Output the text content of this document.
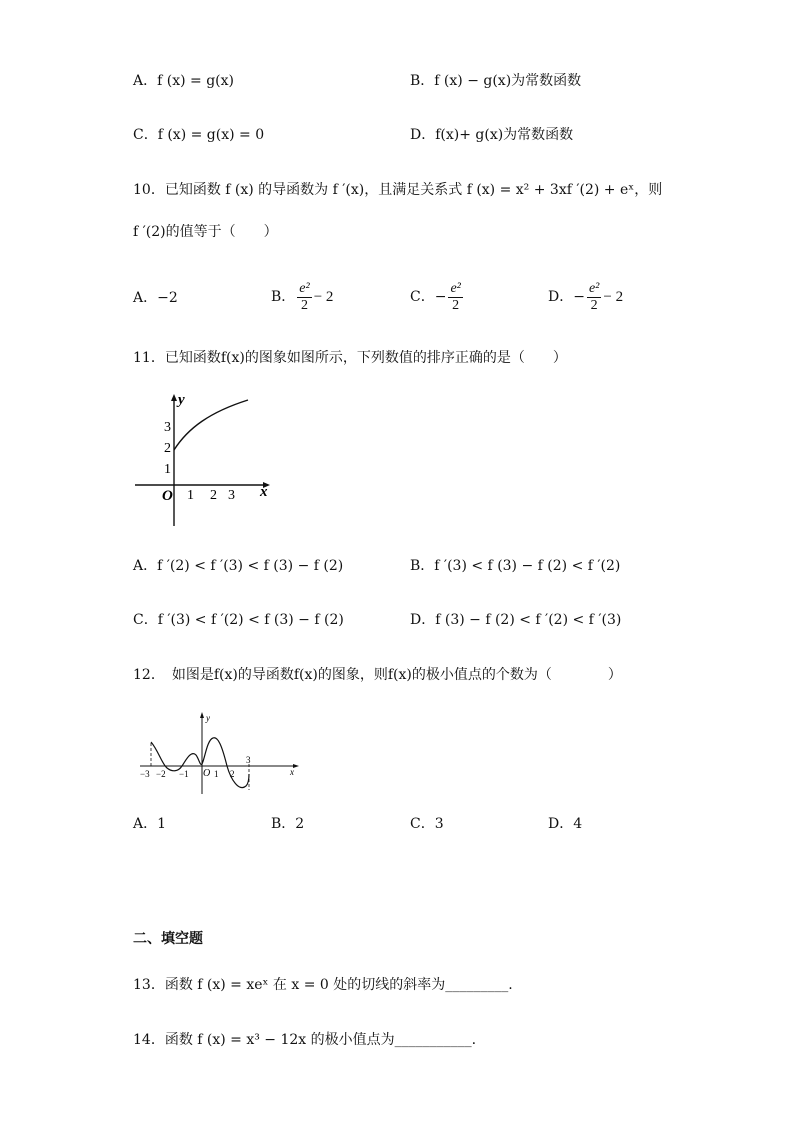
A．f (x) = g(x)	B．f (x) − g(x)为常数函数
C．f (x) = g(x) = 0	D．f(x)+ g(x)为常数函数
10．已知函数 f (x) 的导函数为 f ′(x)，且满足关系式 f (x) = x² + 3xf ′(2) + eˣ，则
f ′(2)的值等于（　　）
A．−2	B． $\frac{\text{e²}}{2} - 2$	C．− $\frac{\text{e²}}{2}$	D．− $\frac{\text{e²}}{2} - 2$
11．已知函数f(x)的图象如图所示，下列数值的排序正确的是（　　）
y
x
O
3
2
1
1 2 3
A．f ′(2) < f ′(3) < f (3) − f (2)	B．f ′(3) < f (3) − f (2) < f ′(2)
C．f ′(3) < f ′(2) < f (3) − f (2)	D．f (3) − f (2) < f ′(2) < f ′(3)
12．　如图是f(x)的导函数f(x)的图象，则f(x)的极小值点的个数为（　　　　）
−3 −2 −1 O 1 2
3
y
x
A．1	B．2	C．3	D．4
二、填空题
13．函数 f (x) = xeˣ 在 x = 0 处的切线的斜率为_________.
14．函数 f (x) = x³ − 12x 的极小值点为___________.
